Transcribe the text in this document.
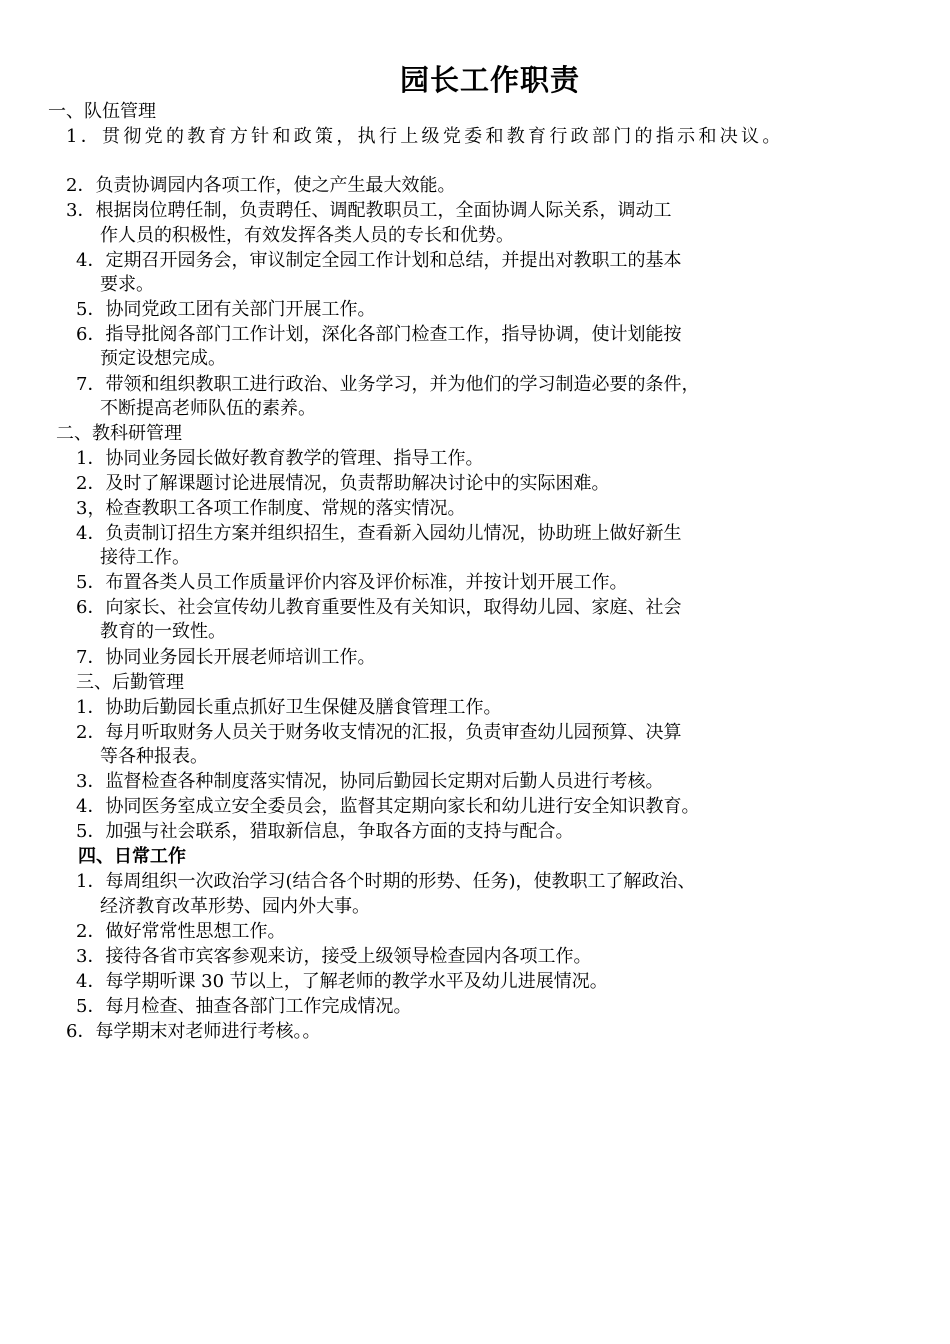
园长工作职责
一、队伍管理
1．贯彻党的教育方针和政策，执行上级党委和教育行政部门的指示和决议。
2．负责协调园内各项工作，使之产生最大效能。
3．根据岗位聘任制，负责聘任、调配教职员工，全面协调人际关系，调动工
作人员的积极性，有效发挥各类人员的专长和优势。
4．定期召开园务会，审议制定全园工作计划和总结，并提出对教职工的基本
要求。
5．协同党政工团有关部门开展工作。
6．指导批阅各部门工作计划，深化各部门检查工作，指导协调，使计划能按
预定设想完成。
7．带领和组织教职工进行政治、业务学习，并为他们的学习制造必要的条件，
不断提高老师队伍的素养。
二、教科研管理
1．协同业务园长做好教育教学的管理、指导工作。
2．及时了解课题讨论进展情况，负责帮助解决讨论中的实际困难。
3，检查教职工各项工作制度、常规的落实情况。
4．负责制订招生方案并组织招生，查看新入园幼儿情况，协助班上做好新生
接待工作。
5．布置各类人员工作质量评价内容及评价标准，并按计划开展工作。
6．向家长、社会宣传幼儿教育重要性及有关知识，取得幼儿园、家庭、社会
教育的一致性。
7．协同业务园长开展老师培训工作。
三、后勤管理
1．协助后勤园长重点抓好卫生保健及膳食管理工作。
2．每月听取财务人员关于财务收支情况的汇报，负责审查幼儿园预算、决算
等各种报表。
3．监督检查各种制度落实情况，协同后勤园长定期对后勤人员进行考核。
4．协同医务室成立安全委员会，监督其定期向家长和幼儿进行安全知识教育。
5．加强与社会联系，猎取新信息，争取各方面的支持与配合。
四、日常工作
1．每周组织一次政治学习(结合各个时期的形势、任务)，使教职工了解政治、
经济教育改革形势、园内外大事。
2．做好常常性思想工作。
3．接待各省市宾客参观来访，接受上级领导检查园内各项工作。
4．每学期听课 30 节以上，了解老师的教学水平及幼儿进展情况。
5．每月检查、抽查各部门工作完成情况。
6．每学期末对老师进行考核。。
